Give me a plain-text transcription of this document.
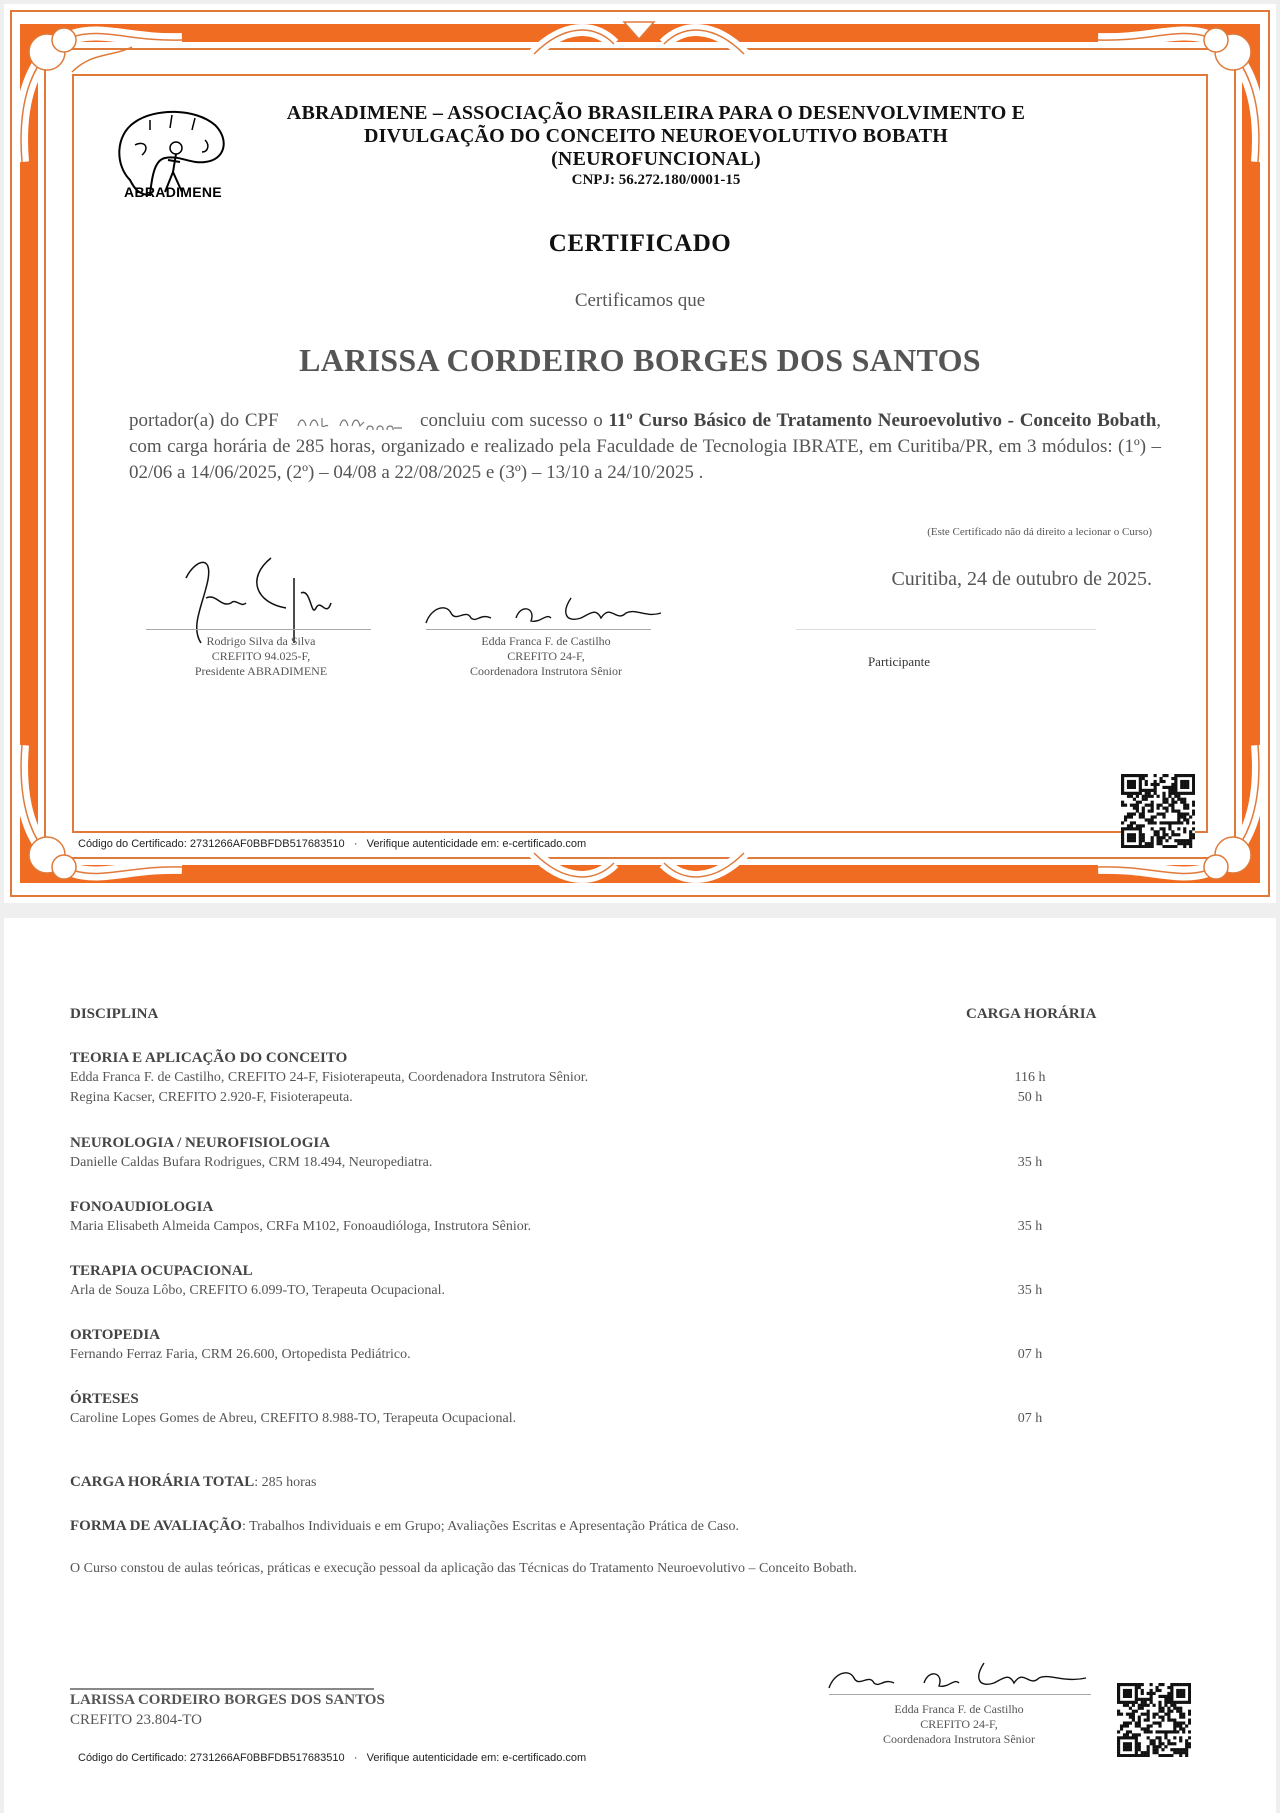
ABRADIMENE
ABRADIMENE – ASSOCIAÇÃO BRASILEIRA PARA O DESENVOLVIMENTO E
DIVULGAÇÃO DO CONCEITO NEUROEVOLUTIVO BOBATH
(NEUROFUNCIONAL)
CNPJ: 56.272.180/0001-15
CERTIFICADO
Certificamos que
LARISSA CORDEIRO BORGES DOS SANTOS
portador(a) do CPF	concluiu com sucesso o 11º Curso Básico de Tratamento Neuroevolutivo - Conceito Bobath, com carga horária de 285 horas, organizado e realizado pela Faculdade de Tecnologia IBRATE, em Curitiba/PR, em 3 módulos: (1º) – 02/06 a 14/06/2025, (2º) – 04/08 a 22/08/2025 e (3º) – 13/10 a 24/10/2025 .
(Este Certificado não dá direito a lecionar o Curso)
Curitiba, 24 de outubro de 2025.
Rodrigo Silva da Silva
CREFITO 94.025-F,
Presidente ABRADIMENE
Edda Franca F. de Castilho
CREFITO 24-F,
Coordenadora Instrutora Sênior
Participante
Código do Certificado: 2731266AF0BBFDB517683510 · Verifique autenticidade em: e-certificado.com
DISCIPLINA	CARGA HORÁRIA
TEORIA E APLICAÇÃO DO CONCEITO
Edda Franca F. de Castilho, CREFITO 24-F, Fisioterapeuta, Coordenadora Instrutora Sênior.	116 h
Regina Kacser, CREFITO 2.920-F, Fisioterapeuta.	50 h
NEUROLOGIA / NEUROFISIOLOGIA
Danielle Caldas Bufara Rodrigues, CRM 18.494, Neuropediatra.	35 h
FONOAUDIOLOGIA
Maria Elisabeth Almeida Campos, CRFa M102, Fonoaudióloga, Instrutora Sênior.	35 h
TERAPIA OCUPACIONAL
Arla de Souza Lôbo, CREFITO 6.099-TO, Terapeuta Ocupacional.	35 h
ORTOPEDIA
Fernando Ferraz Faria, CRM 26.600, Ortopedista Pediátrico.	07 h
ÓRTESES
Caroline Lopes Gomes de Abreu, CREFITO 8.988-TO, Terapeuta Ocupacional.	07 h
CARGA HORÁRIA TOTAL: 285 horas
FORMA DE AVALIAÇÃO: Trabalhos Individuais e em Grupo; Avaliações Escritas e Apresentação Prática de Caso.
O Curso constou de aulas teóricas, práticas e execução pessoal da aplicação das Técnicas do Tratamento Neuroevolutivo – Conceito Bobath.
LARISSA CORDEIRO BORGES DOS SANTOS
CREFITO 23.804-TO
Edda Franca F. de Castilho
CREFITO 24-F,
Coordenadora Instrutora Sênior
Código do Certificado: 2731266AF0BBFDB517683510 · Verifique autenticidade em: e-certificado.com
